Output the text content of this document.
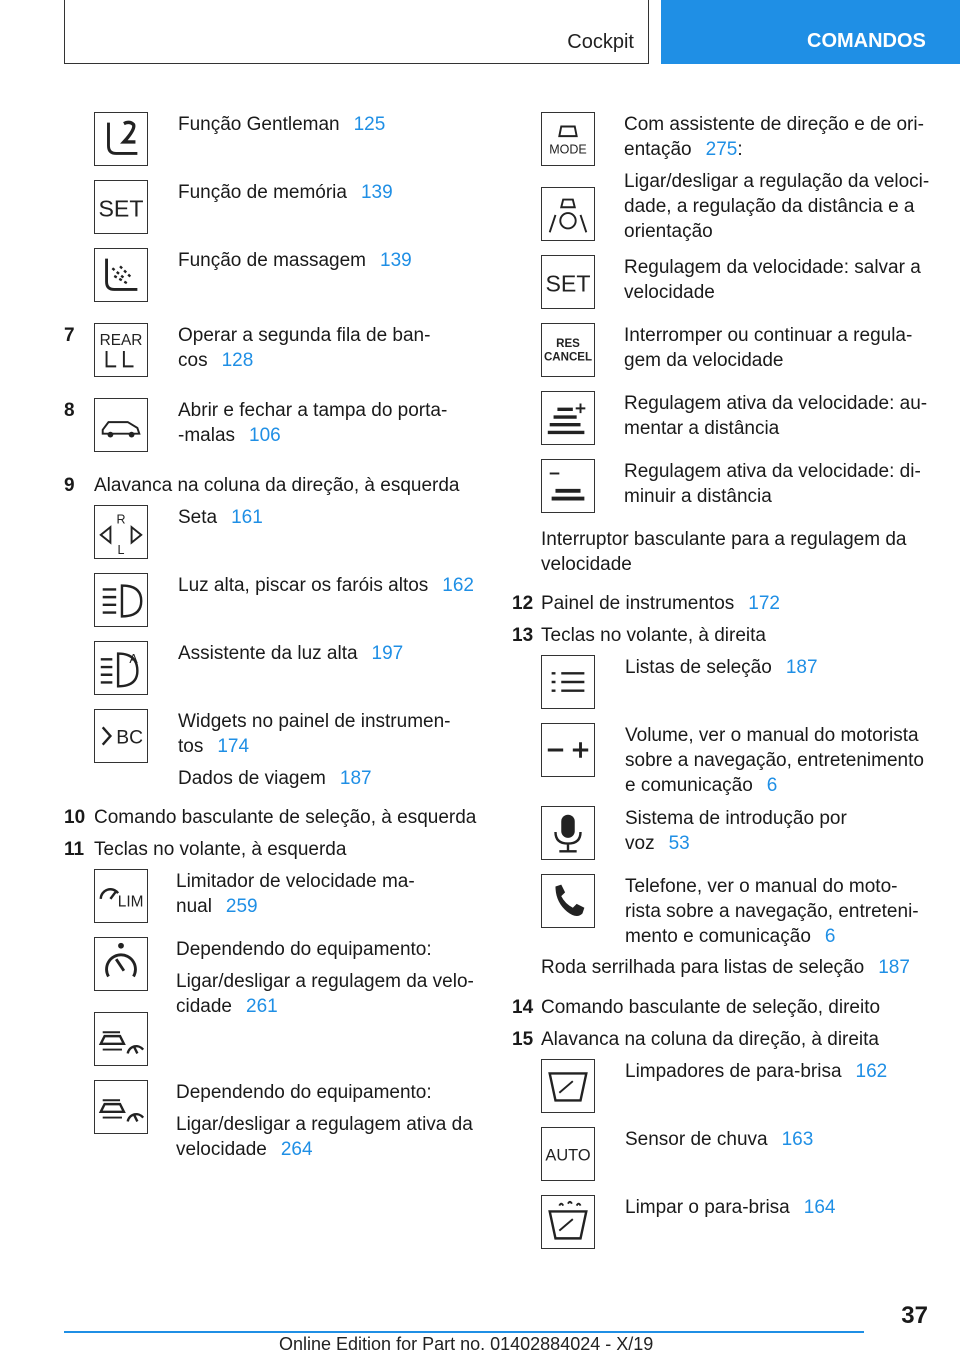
Cockpit	COMANDOS
Função Gentleman 125
SET
Função de memória 139
Função de massagem 139
7 REAR Operar a segunda fila de ban-
cos 128
8	Abrir e fechar a tampa do porta-
-malas 106
9 Alavanca na coluna da direção, à esquerda
R
L
Seta 161
Luz alta, piscar os faróis altos 162
A Assistente da luz alta 197
BC
Widgets no painel de instrumen-
tos 174
Dados de viagem 187
10 Comando basculante de seleção, à esquerda
11 Teclas no volante, à esquerda
LIM
Limitador de velocidade ma-
nual 259
Dependendo do equipamento:
Ligar/desligar a regulagem da velo-
cidade 261
Dependendo do equipamento:
Ligar/desligar a regulagem ativa da
velocidade 264
MODE
Com assistente de direção e de ori-
entação 275:
Ligar/desligar a regulação da veloci-
dade, a regulação da distância e a
orientação
SET
Regulagem da velocidade: salvar a
velocidade
RES
CANCEL
Interromper ou continuar a regula-
gem da velocidade
Regulagem ativa da velocidade: au-
mentar a distância
Regulagem ativa da velocidade: di-
minuir a distância
Interruptor basculante para a regulagem da
velocidade
12 Painel de instrumentos 172
13 Teclas no volante, à direita
Listas de seleção 187
Volume, ver o manual do motorista
sobre a navegação, entretenimento
e comunicação 6
Sistema de introdução por
voz 53
Telefone, ver o manual do moto-
rista sobre a navegação, entreteni-
mento e comunicação 6
Roda serrilhada para listas de seleção 187
14 Comando basculante de seleção, direito
15 Alavanca na coluna da direção, à direita
Limpadores de para-brisa 162
AUTO
Sensor de chuva 163
Limpar o para-brisa 164
37
Online Edition for Part no. 01402884024 - X/19
